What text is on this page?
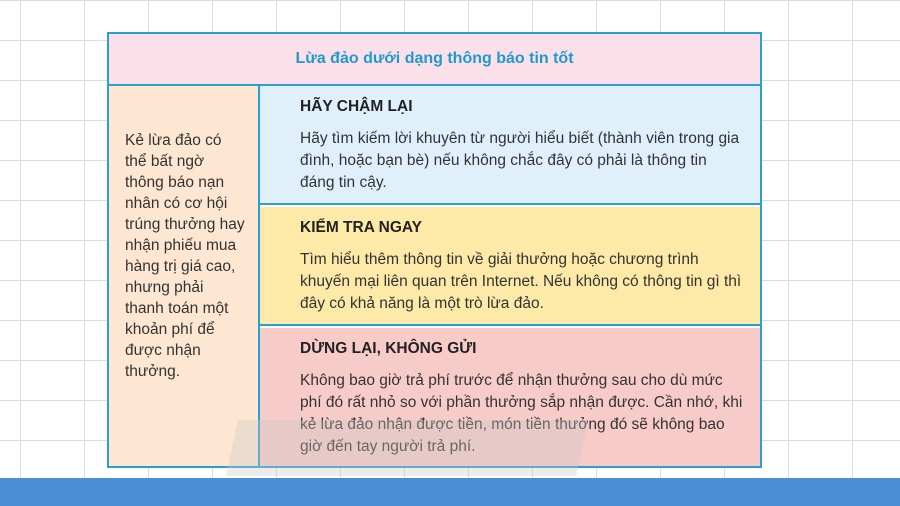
Lừa đảo dưới dạng thông báo tin tốt
Kẻ lừa đảo có thể bất ngờ thông báo nạn nhân có cơ hội trúng thưởng hay nhận phiếu mua hàng trị giá cao, nhưng phải thanh toán một khoản phí để được nhận thưởng.
HÃY CHẬM LẠI

Hãy tìm kiếm lời khuyên từ người hiểu biết (thành viên trong gia đình, hoặc bạn bè) nếu không chắc đây có phải là thông tin đáng tin cậy.

KIỂM TRA NGAY

Tìm hiểu thêm thông tin về giải thưởng hoặc chương trình khuyến mại liên quan trên Internet. Nếu không có thông tin gì thì đây có khả năng là một trò lừa đảo.

DỪNG LẠI, KHÔNG GỬI

Không bao giờ trả phí trước để nhận thưởng sau cho dù mức phí đó rất nhỏ so với phần thưởng sắp nhận được. Cần nhớ, khi kẻ lừa đảo nhận được tiền, món tiền thưởng đó sẽ không bao giờ đến tay người trả phí.
